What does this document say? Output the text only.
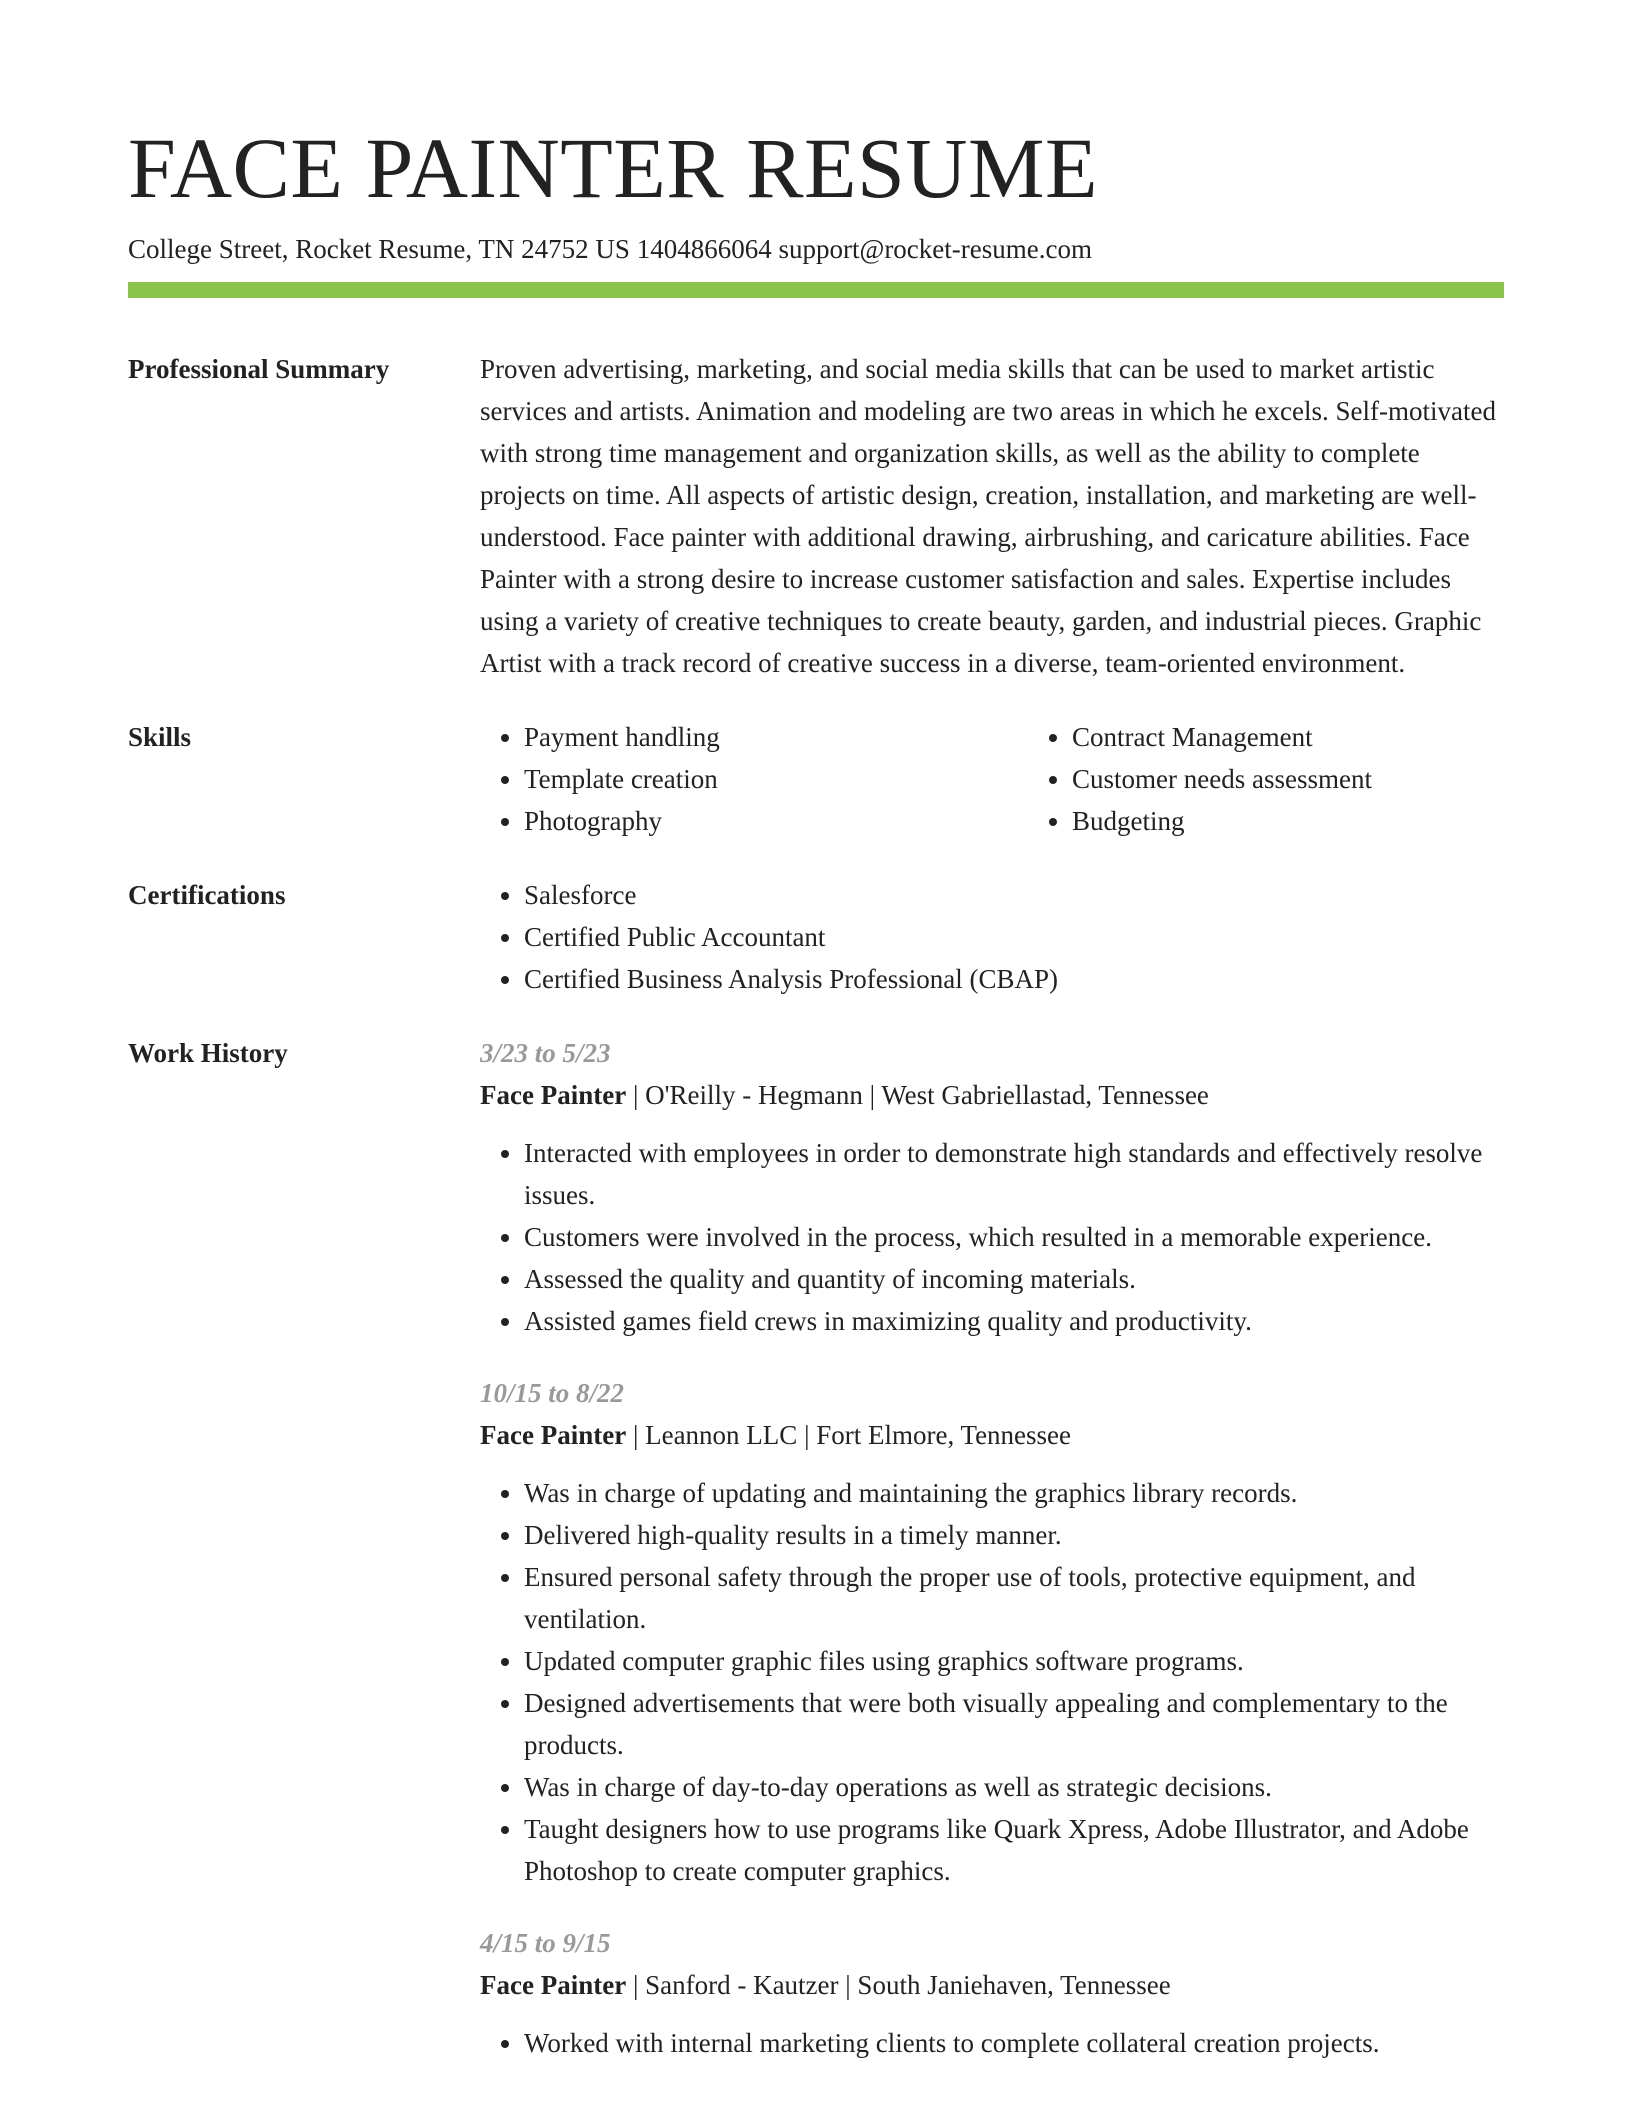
FACE PAINTER RESUME
College Street, Rocket Resume, TN 24752 US 1404866064 support@rocket-resume.com
Professional Summary	Proven advertising, marketing, and social media skills that can be used to market artistic services and artists. Animation and modeling are two areas in which he excels. Self-motivated with strong time management and organization skills, as well as the ability to complete projects on time. All aspects of artistic design, creation, installation, and marketing are well-understood. Face painter with additional drawing, airbrushing, and caricature abilities. Face Painter with a strong desire to increase customer satisfaction and sales. Expertise includes using a variety of creative techniques to create beauty, garden, and industrial pieces. Graphic Artist with a track record of creative success in a diverse, team-oriented environment.

Skills	• Payment handling
• Template creation
• Photography
• Contract Management
• Customer needs assessment
• Budgeting
Certifications	• Salesforce
• Certified Public Accountant
• Certified Business Analysis Professional (CBAP)
Work History	3/23 to 5/23
Face Painter | O'Reilly - Hegmann | West Gabriellastad, Tennessee
• Interacted with employees in order to demonstrate high standards and effectively resolve issues.
• Customers were involved in the process, which resulted in a memorable experience.
• Assessed the quality and quantity of incoming materials.
• Assisted games field crews in maximizing quality and productivity.
10/15 to 8/22
Face Painter | Leannon LLC | Fort Elmore, Tennessee
• Was in charge of updating and maintaining the graphics library records.
• Delivered high-quality results in a timely manner.
• Ensured personal safety through the proper use of tools, protective equipment, and ventilation.
• Updated computer graphic files using graphics software programs.
• Designed advertisements that were both visually appealing and complementary to the products.
• Was in charge of day-to-day operations as well as strategic decisions.
• Taught designers how to use programs like Quark Xpress, Adobe Illustrator, and Adobe Photoshop to create computer graphics.
4/15 to 9/15
Face Painter | Sanford - Kautzer | South Janiehaven, Tennessee
• Worked with internal marketing clients to complete collateral creation projects.
